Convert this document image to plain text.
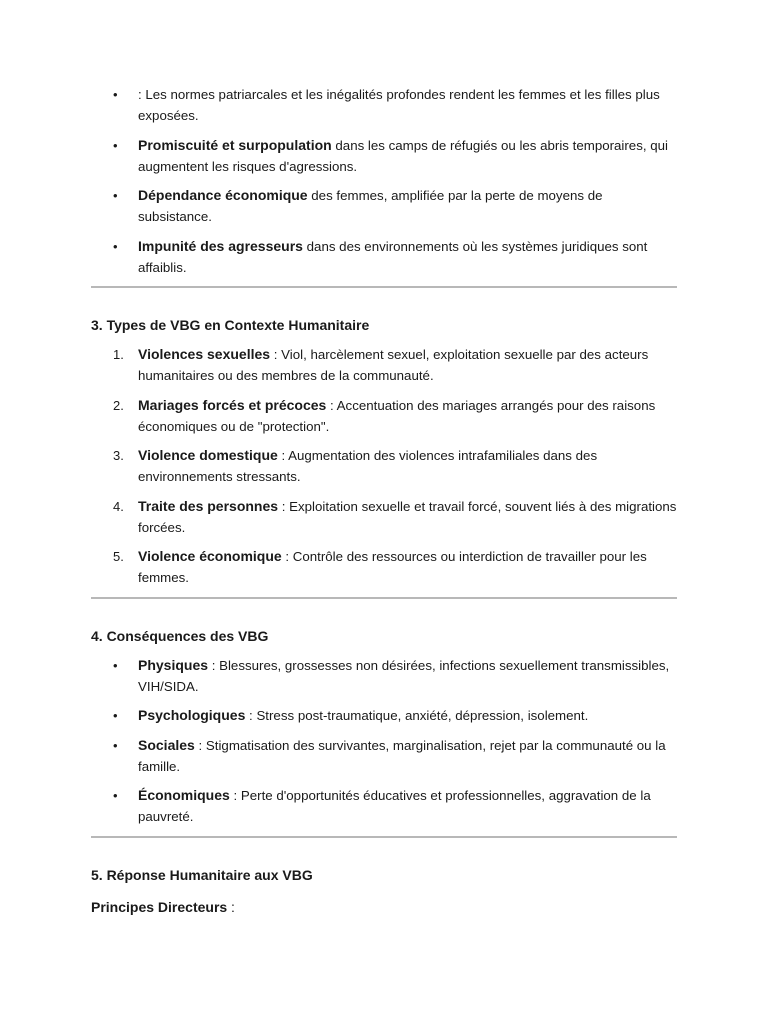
•	: Les normes patriarcales et les inégalités profondes rendent les femmes et les filles plus exposées.
•	Promiscuité et surpopulation dans les camps de réfugiés ou les abris temporaires, qui augmentent les risques d'agressions.
•	Dépendance économique des femmes, amplifiée par la perte de moyens de subsistance.
•	Impunité des agresseurs dans des environnements où les systèmes juridiques sont affaiblis.
3. Types de VBG en Contexte Humanitaire
1.	Violences sexuelles : Viol, harcèlement sexuel, exploitation sexuelle par des acteurs humanitaires ou des membres de la communauté.
2.	Mariages forcés et précoces : Accentuation des mariages arrangés pour des raisons économiques ou de "protection".
3.	Violence domestique : Augmentation des violences intrafamiliales dans des environnements stressants.
4.	Traite des personnes : Exploitation sexuelle et travail forcé, souvent liés à des migrations forcées.
5.	Violence économique : Contrôle des ressources ou interdiction de travailler pour les femmes.
4. Conséquences des VBG
•	Physiques : Blessures, grossesses non désirées, infections sexuellement transmissibles, VIH/SIDA.
•	Psychologiques : Stress post-traumatique, anxiété, dépression, isolement.
•	Sociales : Stigmatisation des survivantes, marginalisation, rejet par la communauté ou la famille.
•	Économiques : Perte d'opportunités éducatives et professionnelles, aggravation de la pauvreté.
5. Réponse Humanitaire aux VBG

Principes Directeurs :
